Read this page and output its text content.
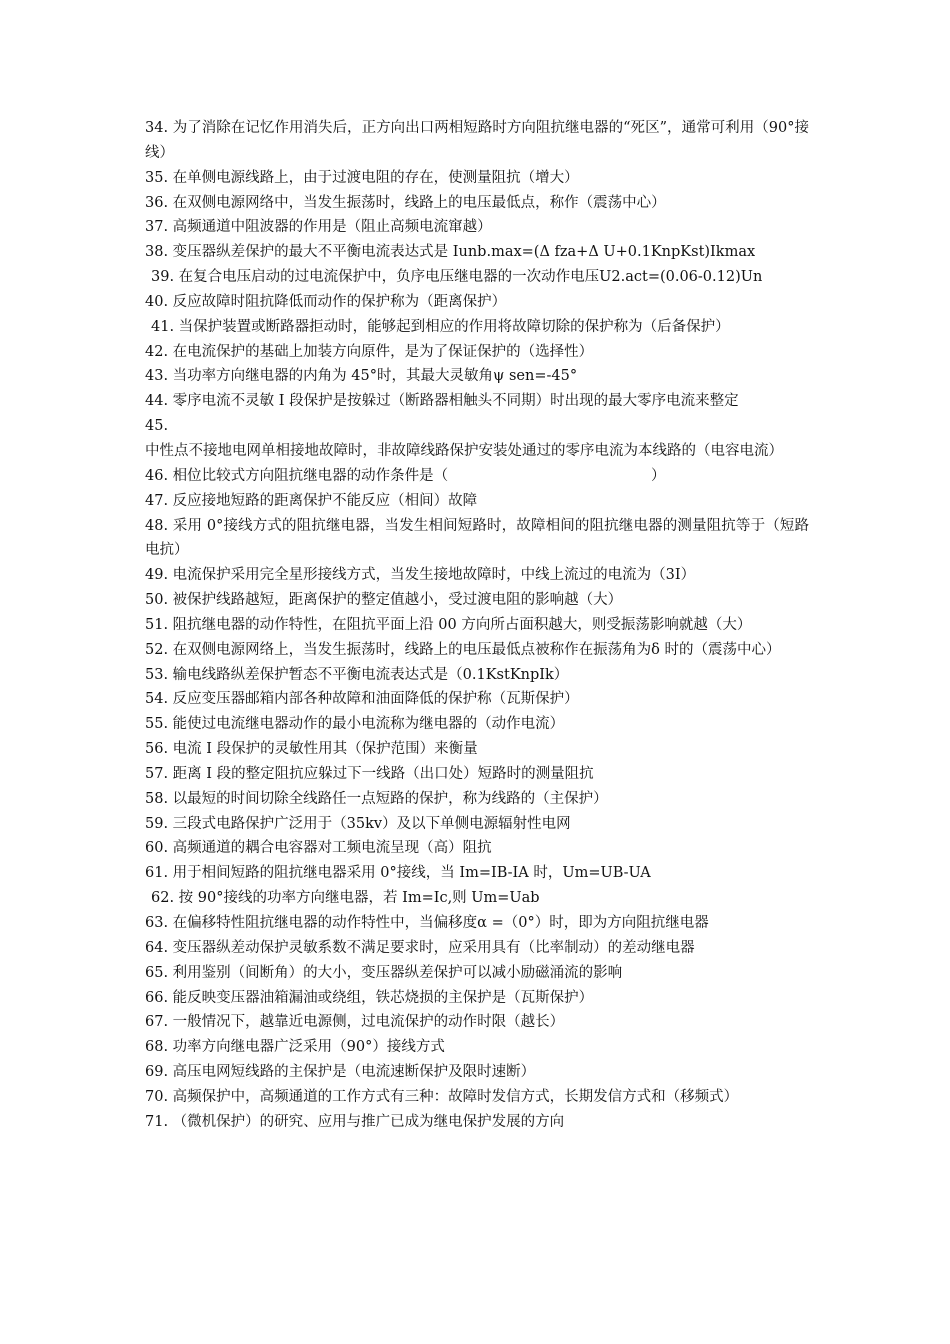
34. 为了消除在记忆作用消失后，正方向出口两相短路时方向阻抗继电器的“死区”，通常可利用（90°接线）
35. 在单侧电源线路上，由于过渡电阻的存在，使测量阻抗（增大）
36. 在双侧电源网络中，当发生振荡时，线路上的电压最低点，称作（震荡中心）
37. 高频通道中阻波器的作用是（阻止高频电流窜越）
38. 变压器纵差保护的最大不平衡电流表达式是 Iunb.max=(Δ fza+Δ U+0.1KnpKst)Ikmax
39. 在复合电压启动的过电流保护中，负序电压继电器的一次动作电压U2.act=(0.06-0.12)Un
40. 反应故障时阻抗降低而动作的保护称为（距离保护）
41. 当保护装置或断路器拒动时，能够起到相应的作用将故障切除的保护称为（后备保护）
42. 在电流保护的基础上加装方向原件，是为了保证保护的（选择性）
43. 当功率方向继电器的内角为 45°时，其最大灵敏角ψ sen=-45°
44. 零序电流不灵敏 I 段保护是按躲过（断路器相触头不同期）时出现的最大零序电流来整定
45. 中性点不接地电网单相接地故障时，非故障线路保护安装处通过的零序电流为本线路的（电容电流）
46. 相位比较式方向阻抗继电器的动作条件是（                                            ）
47. 反应接地短路的距离保护不能反应（相间）故障
48. 采用 0°接线方式的阻抗继电器，当发生相间短路时，故障相间的阻抗继电器的测量阻抗等于（短路电抗）
49. 电流保护采用完全星形接线方式，当发生接地故障时，中线上流过的电流为（3I）
50. 被保护线路越短，距离保护的整定值越小，受过渡电阻的影响越（大）
51. 阻抗继电器的动作特性，在阻抗平面上沿 00 方向所占面积越大，则受振荡影响就越（大）
52. 在双侧电源网络上，当发生振荡时，线路上的电压最低点被称作在振荡角为δ 时的（震荡中心）
53. 输电线路纵差保护暂态不平衡电流表达式是（0.1KstKnpIk）
54. 反应变压器邮箱内部各种故障和油面降低的保护称（瓦斯保护）
55. 能使过电流继电器动作的最小电流称为继电器的（动作电流）
56. 电流 I 段保护的灵敏性用其（保护范围）来衡量
57. 距离 I 段的整定阻抗应躲过下一线路（出口处）短路时的测量阻抗
58. 以最短的时间切除全线路任一点短路的保护，称为线路的（主保护）
59. 三段式电路保护广泛用于（35kv）及以下单侧电源辐射性电网
60. 高频通道的耦合电容器对工频电流呈现（高）阻抗
61. 用于相间短路的阻抗继电器采用 0°接线，当 Im=IB-IA 时，Um=UB-UA
62. 按 90°接线的功率方向继电器，若 Im=Ic,则 Um=Uab
63. 在偏移特性阻抗继电器的动作特性中，当偏移度α =（0°）时，即为方向阻抗继电器
64. 变压器纵差动保护灵敏系数不满足要求时，应采用具有（比率制动）的差动继电器
65. 利用鉴别（间断角）的大小，变压器纵差保护可以减小励磁涌流的影响
66. 能反映变压器油箱漏油或绕组，铁芯烧损的主保护是（瓦斯保护）
67. 一般情况下，越靠近电源侧，过电流保护的动作时限（越长）
68. 功率方向继电器广泛采用（90°）接线方式
69. 高压电网短线路的主保护是（电流速断保护及限时速断）
70. 高频保护中，高频通道的工作方式有三种：故障时发信方式，长期发信方式和（移频式）
71. （微机保护）的研究、应用与推广已成为继电保护发展的方向
